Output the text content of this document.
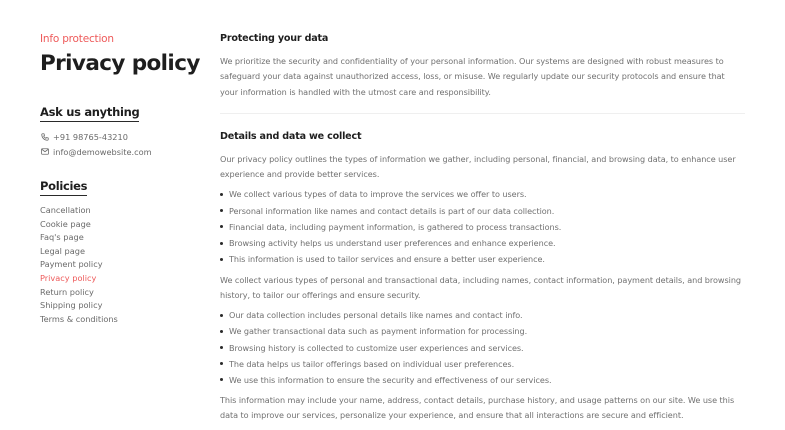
Info protection
Privacy policy
Ask us anything
+91 98765-43210
info@demowebsite.com
Policies
Cancellation
Cookie page
Faq's page
Legal page
Payment policy
Privacy policy
Return policy
Shipping policy
Terms & conditions
Protecting your data

We prioritize the security and confidentiality of your personal information. Our systems are designed with robust measures to safeguard your data against unauthorized access, loss, or misuse. We regularly update our security protocols and ensure that your information is handled with the utmost care and responsibility.

Details and data we collect

Our privacy policy outlines the types of information we gather, including personal, financial, and browsing data, to enhance user experience and provide better services.

We collect various types of data to improve the services we offer to users.
Personal information like names and contact details is part of our data collection.
Financial data, including payment information, is gathered to process transactions.
Browsing activity helps us understand user preferences and enhance experience.
This information is used to tailor services and ensure a better user experience.

We collect various types of personal and transactional data, including names, contact information, payment details, and browsing history, to tailor our offerings and ensure security.

Our data collection includes personal details like names and contact info.
We gather transactional data such as payment information for processing.
Browsing history is collected to customize user experiences and services.
The data helps us tailor offerings based on individual user preferences.
We use this information to ensure the security and effectiveness of our services.

This information may include your name, address, contact details, purchase history, and usage patterns on our site. We use this data to improve our services, personalize your experience, and ensure that all interactions are secure and efficient.
